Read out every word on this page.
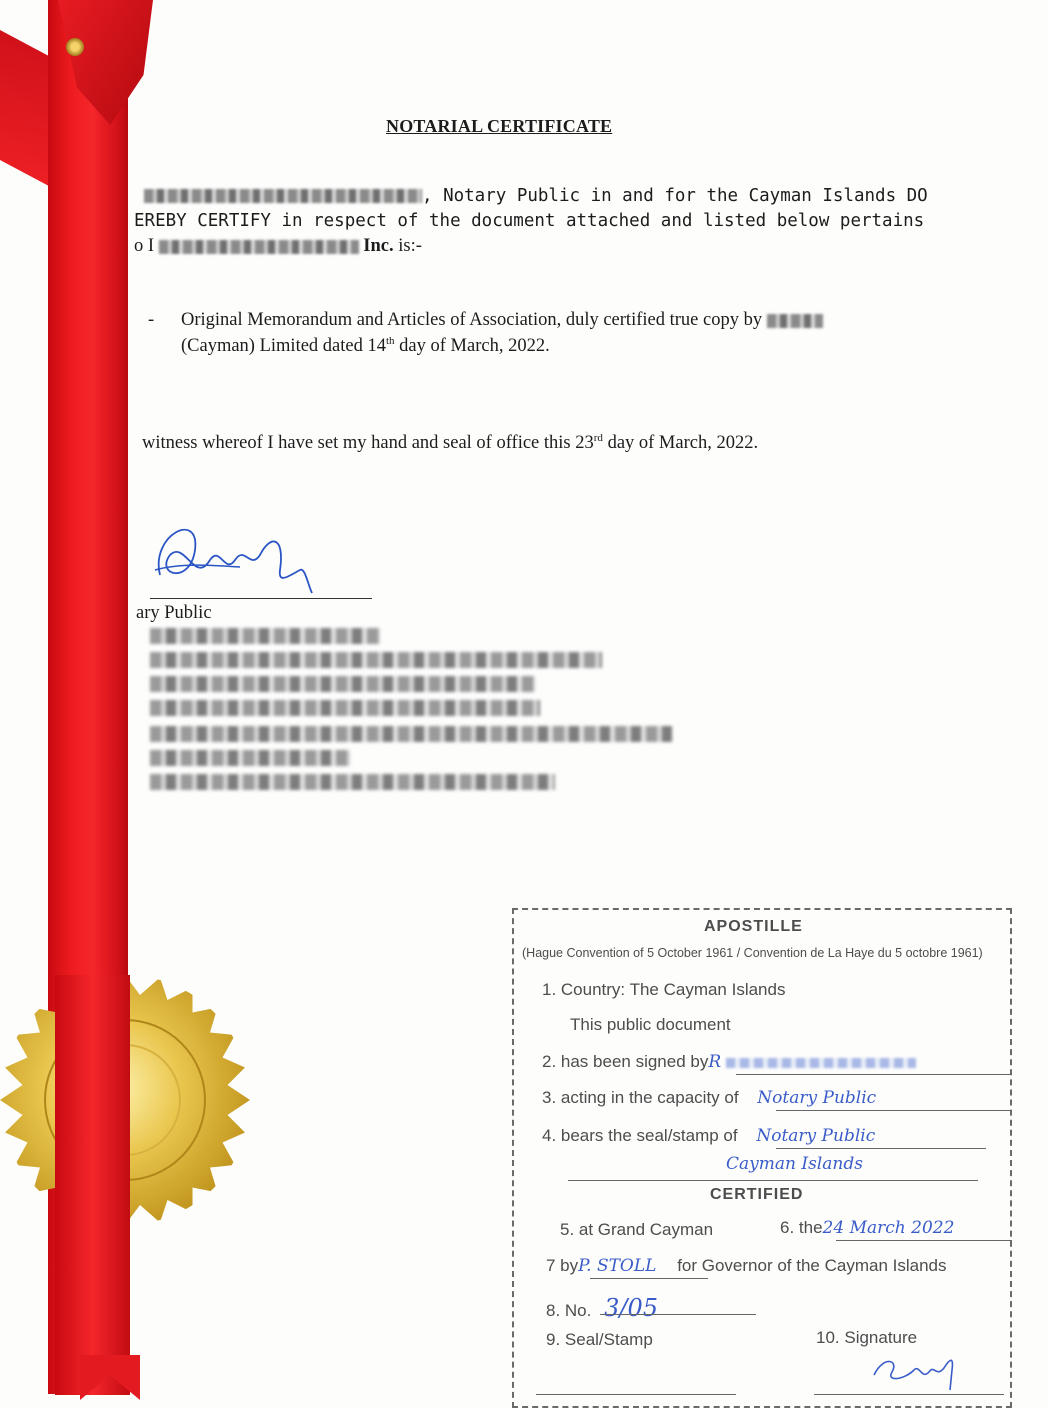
NOTARIAL CERTIFICATE
, Notary Public in and for the Cayman Islands DO
EREBY CERTIFY in respect of the document attached and listed below pertains
o I	Inc. is:-
- Original Memorandum and Articles of Association, duly certified true copy by
(Cayman) Limited dated 14th day of March, 2022.
witness whereof I have set my hand and seal of office this 23rd day of March, 2022.
ary Public
APOSTILLE
(Hague Convention of 5 October 1961 / Convention de La Haye du 5 octobre 1961)
1. Country: The Cayman Islands
This public document
2. has been signed byR
3. acting in the capacity of Notary Public
4. bears the seal/stamp of Notary Public
Cayman Islands
CERTIFIED
5. at Grand Cayman	6. the24 March 2022
7 byP. STOLL for Governor of the Cayman Islands
8. No. 3/05
9. Seal/Stamp	10. Signature
